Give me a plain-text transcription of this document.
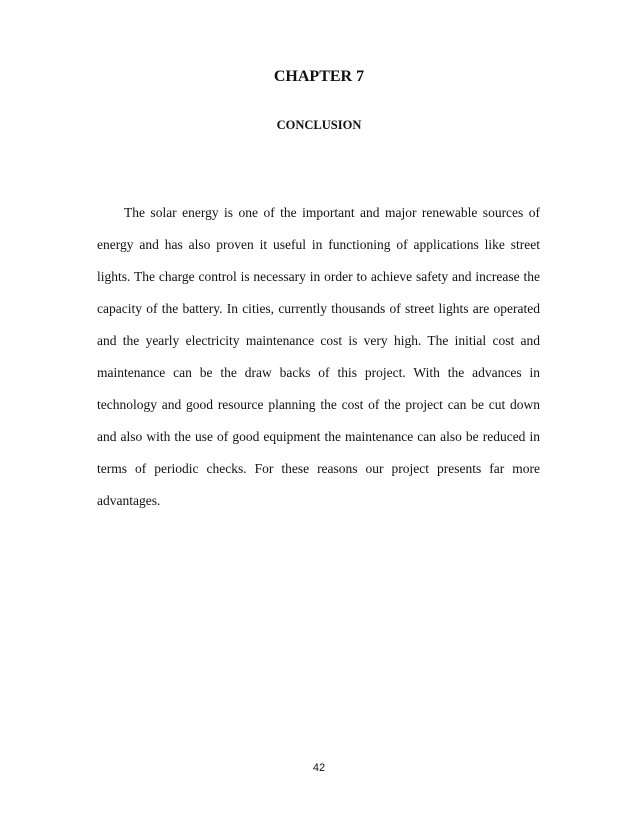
CHAPTER 7
CONCLUSION

The solar energy is one of the important and major renewable sources of energy and has also proven it useful in functioning of applications like street lights. The charge control is necessary in order to achieve safety and increase the capacity of the battery. In cities, currently thousands of street lights are operated and the yearly electricity maintenance cost is very high. The initial cost and maintenance can be the draw backs of this project. With the advances in technology and good resource planning the cost of the project can be cut down and also with the use of good equipment the maintenance can also be reduced in terms of periodic checks. For these reasons our project presents far more advantages.

42
